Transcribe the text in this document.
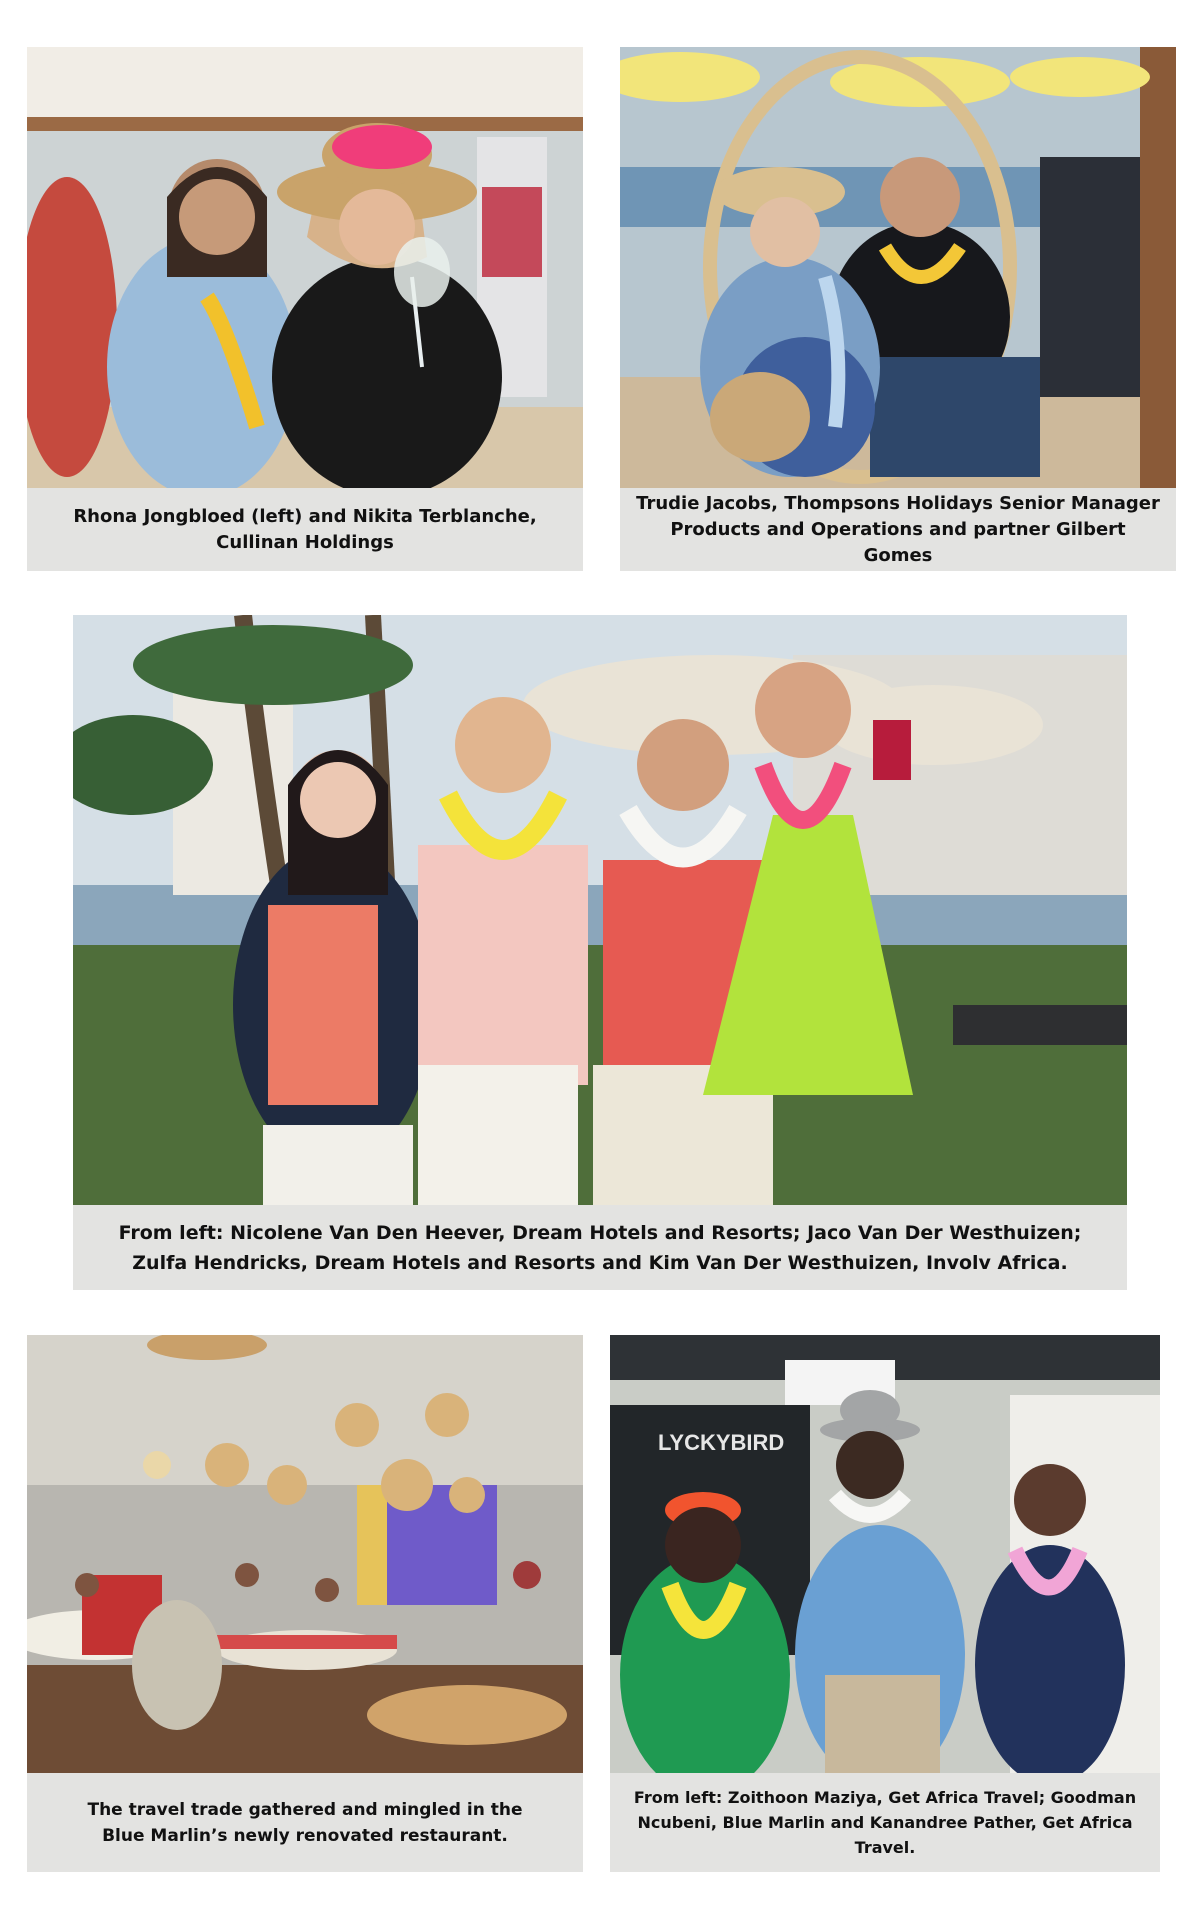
Rhona Jongbloed (left) and Nikita Terblanche, Cullinan Holdings
Trudie Jacobs, Thompsons Holidays Senior Manager Products and Operations and partner Gilbert Gomes
From left: Nicolene Van Den Heever, Dream Hotels and Resorts; Jaco Van Der Westhuizen; Zulfa Hendricks, Dream Hotels and Resorts and Kim Van Der Westhuizen, Involv Africa.
The travel trade gathered and mingled in the Blue Marlin’s newly renovated restaurant.
LYCKYBIRD
From left: Zoithoon Maziya, Get Africa Travel; Goodman Ncubeni, Blue Marlin and Kanandree Pather, Get Africa Travel.
